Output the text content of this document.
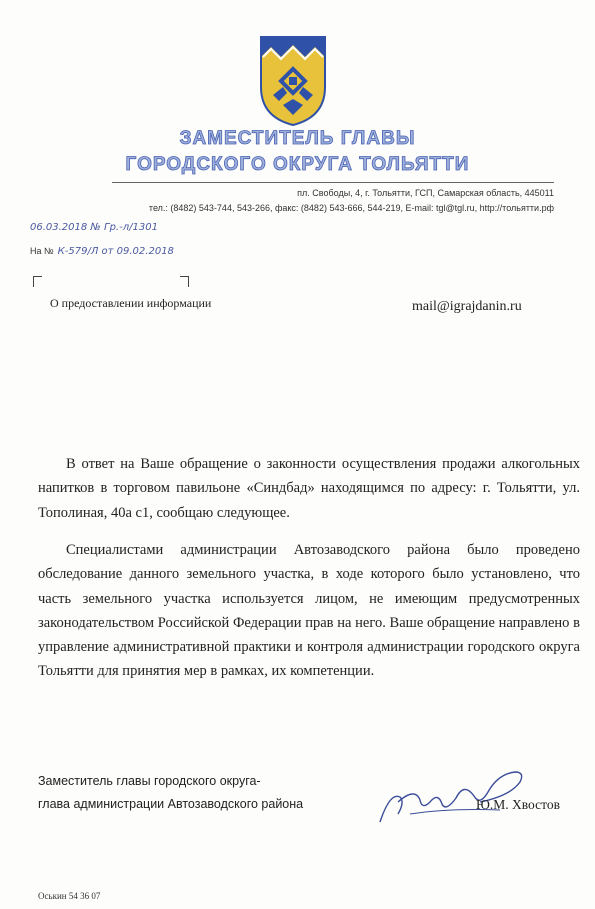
ЗАМЕСТИТЕЛЬ ГЛАВЫ
ГОРОДСКОГО ОКРУГА ТОЛЬЯТТИ
пл. Свободы, 4, г. Тольятти, ГСП, Самарская область, 445011
тел.: (8482) 543-744, 543-266, факс: (8482) 543-666, 544-219, E-mail: tgl@tgl.ru, http://тольятти.рф
06.03.2018 № Гр.-л/1301
На № К-579/Л от 09.02.2018
О предоставлении информации	mail@igrajdanin.ru
В ответ на Ваше обращение о законности осуществления продажи алкогольных напитков в торговом павильоне «Синдбад» находящимся по адресу: г. Тольятти, ул. Тополиная, 40а с1, сообщаю следующее.
Специалистами администрации Автозаводского района было проведено обследование данного земельного участка, в ходе которого было установлено, что часть земельного участка используется лицом, не имеющим предусмотренных законодательством Российской Федерации прав на него. Ваше обращение направлено в управление административной практики и контроля администрации городского округа Тольятти для принятия мер в рамках, их компетенции.
Заместитель главы городского округа-
глава администрации Автозаводского района	Ю.М. Хвостов
Оськин 54 36 07
